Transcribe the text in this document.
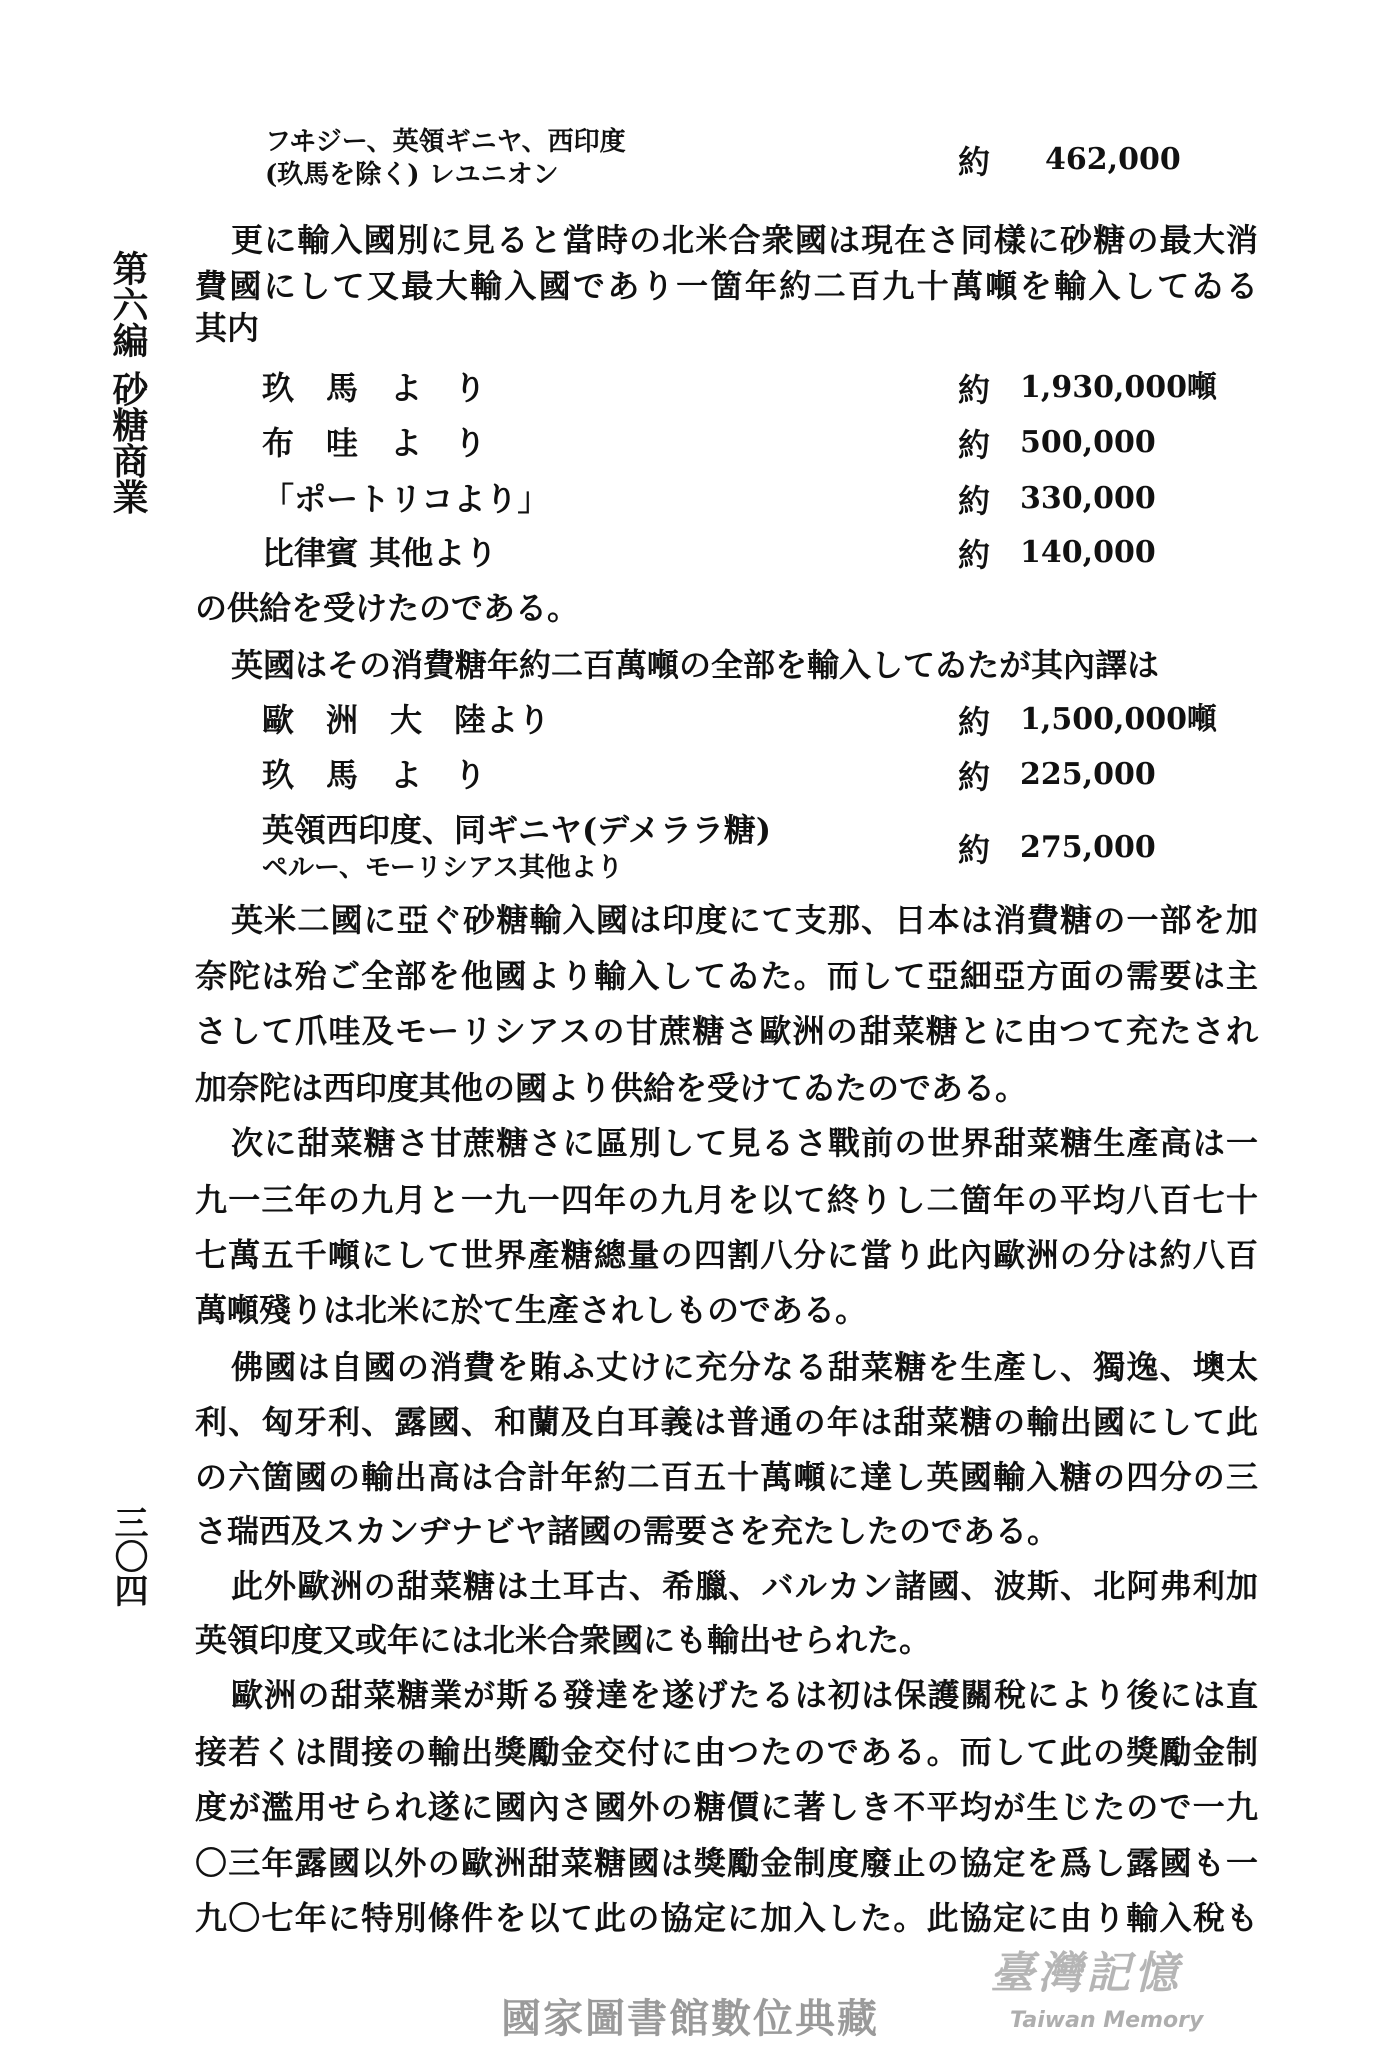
第六編 砂糖商業
三〇四
フヰジー、英領ギニヤ、西印度
(玖馬を除く) レユニオン	約 462,000
更に輸入國別に見ると當時の北米合衆國は現在さ同樣に砂糖の最大消
費國にして又最大輸入國であり一箇年約二百九十萬噸を輸入してゐる
其内
玖　馬　よ　り	約 1,930,000噸
布　哇　よ　り	約 500,000
「ポートリコより」	約 330,000
比律賓 其他より	約 140,000
の供給を受けたのである。
英國はその消費糖年約二百萬噸の全部を輸入してゐたが其內譯は
歐　洲　大　陸より	約 1,500,000噸
玖　馬　よ　り	約 225,000
英領西印度、同ギニヤ(デメララ糖)
ペルー、モーリシアス其他より	約 275,000
英米二國に亞ぐ砂糖輸入國は印度にて支那、日本は消費糖の一部を加
奈陀は殆ご全部を他國より輸入してゐた。而して亞細亞方面の需要は主
さして爪哇及モーリシアスの甘蔗糖さ歐洲の甜菜糖とに由つて充たされ
加奈陀は西印度其他の國より供給を受けてゐたのである。
次に甜菜糖さ甘蔗糖さに區別して見るさ戰前の世界甜菜糖生產高は一
九一三年の九月と一九一四年の九月を以て終りし二箇年の平均八百七十
七萬五千噸にして世界產糖總量の四割八分に當り此內歐洲の分は約八百
萬噸殘りは北米に於て生產されしものである。
佛國は自國の消費を賄ふ丈けに充分なる甜菜糖を生產し、獨逸、墺太
利、匈牙利、露國、和蘭及白耳義は普通の年は甜菜糖の輸出國にして此
の六箇國の輸出高は合計年約二百五十萬噸に達し英國輸入糖の四分の三
さ瑞西及スカンヂナビヤ諸國の需要さを充たしたのである。
此外歐洲の甜菜糖は土耳古、希臘、バルカン諸國、波斯、北阿弗利加
英領印度又或年には北米合衆國にも輸出せられた。
歐洲の甜菜糖業が斯る發達を遂げたるは初は保護關稅により後には直
接若くは間接の輸出獎勵金交付に由つたのである。而して此の獎勵金制
度が濫用せられ遂に國內さ國外の糖價に著しき不平均が生じたので一九
〇三年露國以外の歐洲甜菜糖國は獎勵金制度廢止の協定を爲し露國も一
九〇七年に特別條件を以て此の協定に加入した。此協定に由り輸入稅も
臺灣記憶
Taiwan Memory
國家圖書館數位典藏
